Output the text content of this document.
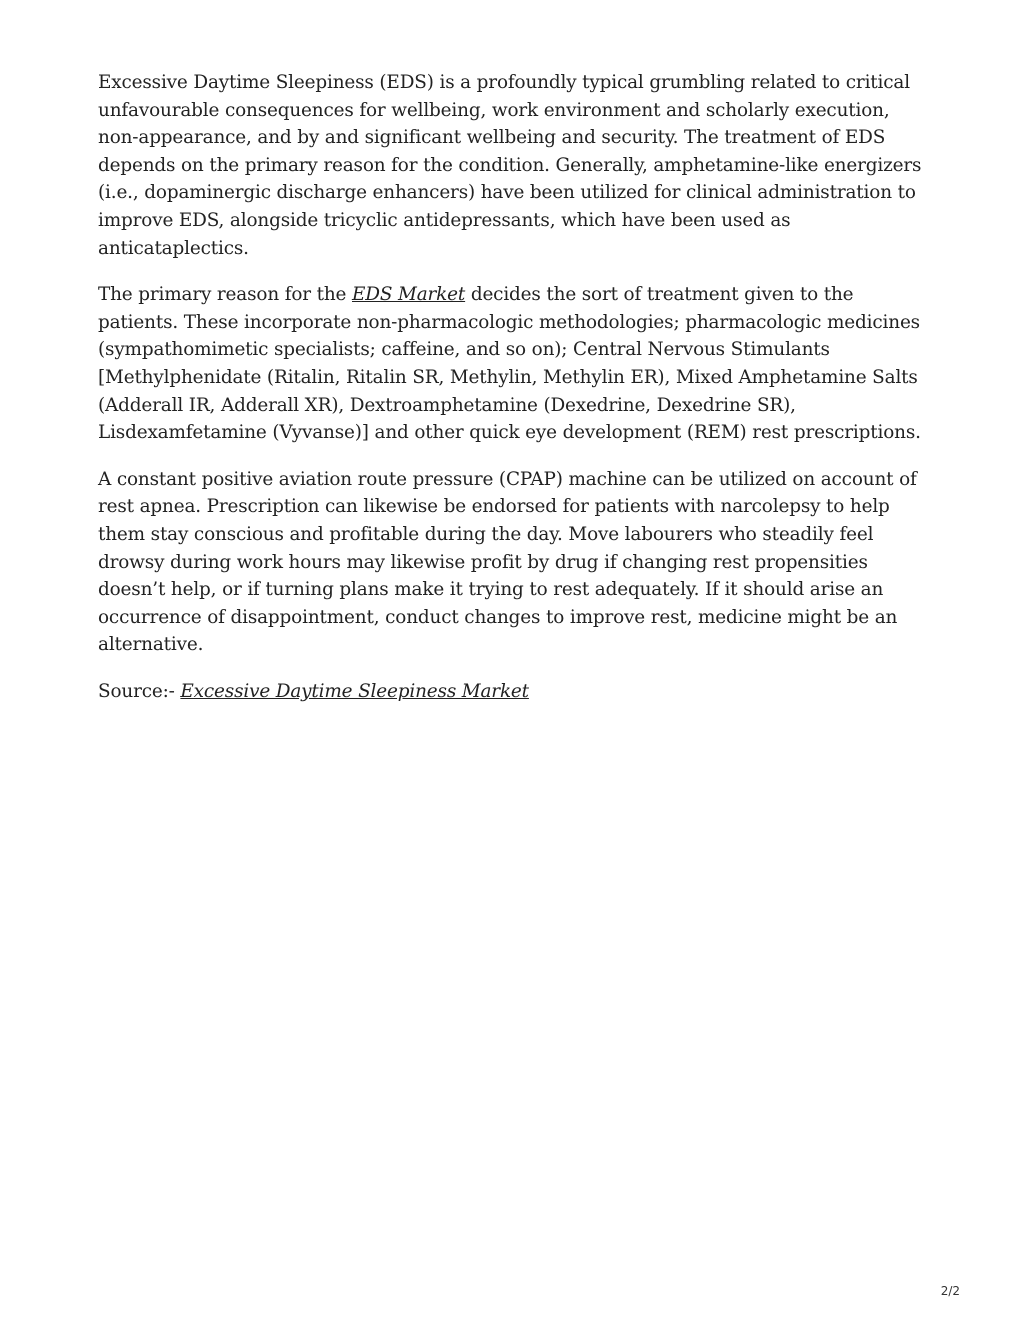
Excessive Daytime Sleepiness (EDS) is a profoundly typical grumbling related to critical unfavourable consequences for wellbeing, work environment and scholarly execution, non-appearance, and by and significant wellbeing and security. The treatment of EDS depends on the primary reason for the condition. Generally, amphetamine-like energizers (i.e., dopaminergic discharge enhancers) have been utilized for clinical administration to improve EDS, alongside tricyclic antidepressants, which have been used as anticataplectics.

The primary reason for the EDS Market decides the sort of treatment given to the patients. These incorporate non-pharmacologic methodologies; pharmacologic medicines (sympathomimetic specialists; caffeine, and so on); Central Nervous Stimulants [Methylphenidate (Ritalin, Ritalin SR, Methylin, Methylin ER), Mixed Amphetamine Salts (Adderall IR, Adderall XR), Dextroamphetamine (Dexedrine, Dexedrine SR), Lisdexamfetamine (Vyvanse)] and other quick eye development (REM) rest prescriptions.

A constant positive aviation route pressure (CPAP) machine can be utilized on account of rest apnea. Prescription can likewise be endorsed for patients with narcolepsy to help them stay conscious and profitable during the day. Move labourers who steadily feel drowsy during work hours may likewise profit by drug if changing rest propensities doesn’t help, or if turning plans make it trying to rest adequately. If it should arise an occurrence of disappointment, conduct changes to improve rest, medicine might be an alternative.

Source:- Excessive Daytime Sleepiness Market

2/2
